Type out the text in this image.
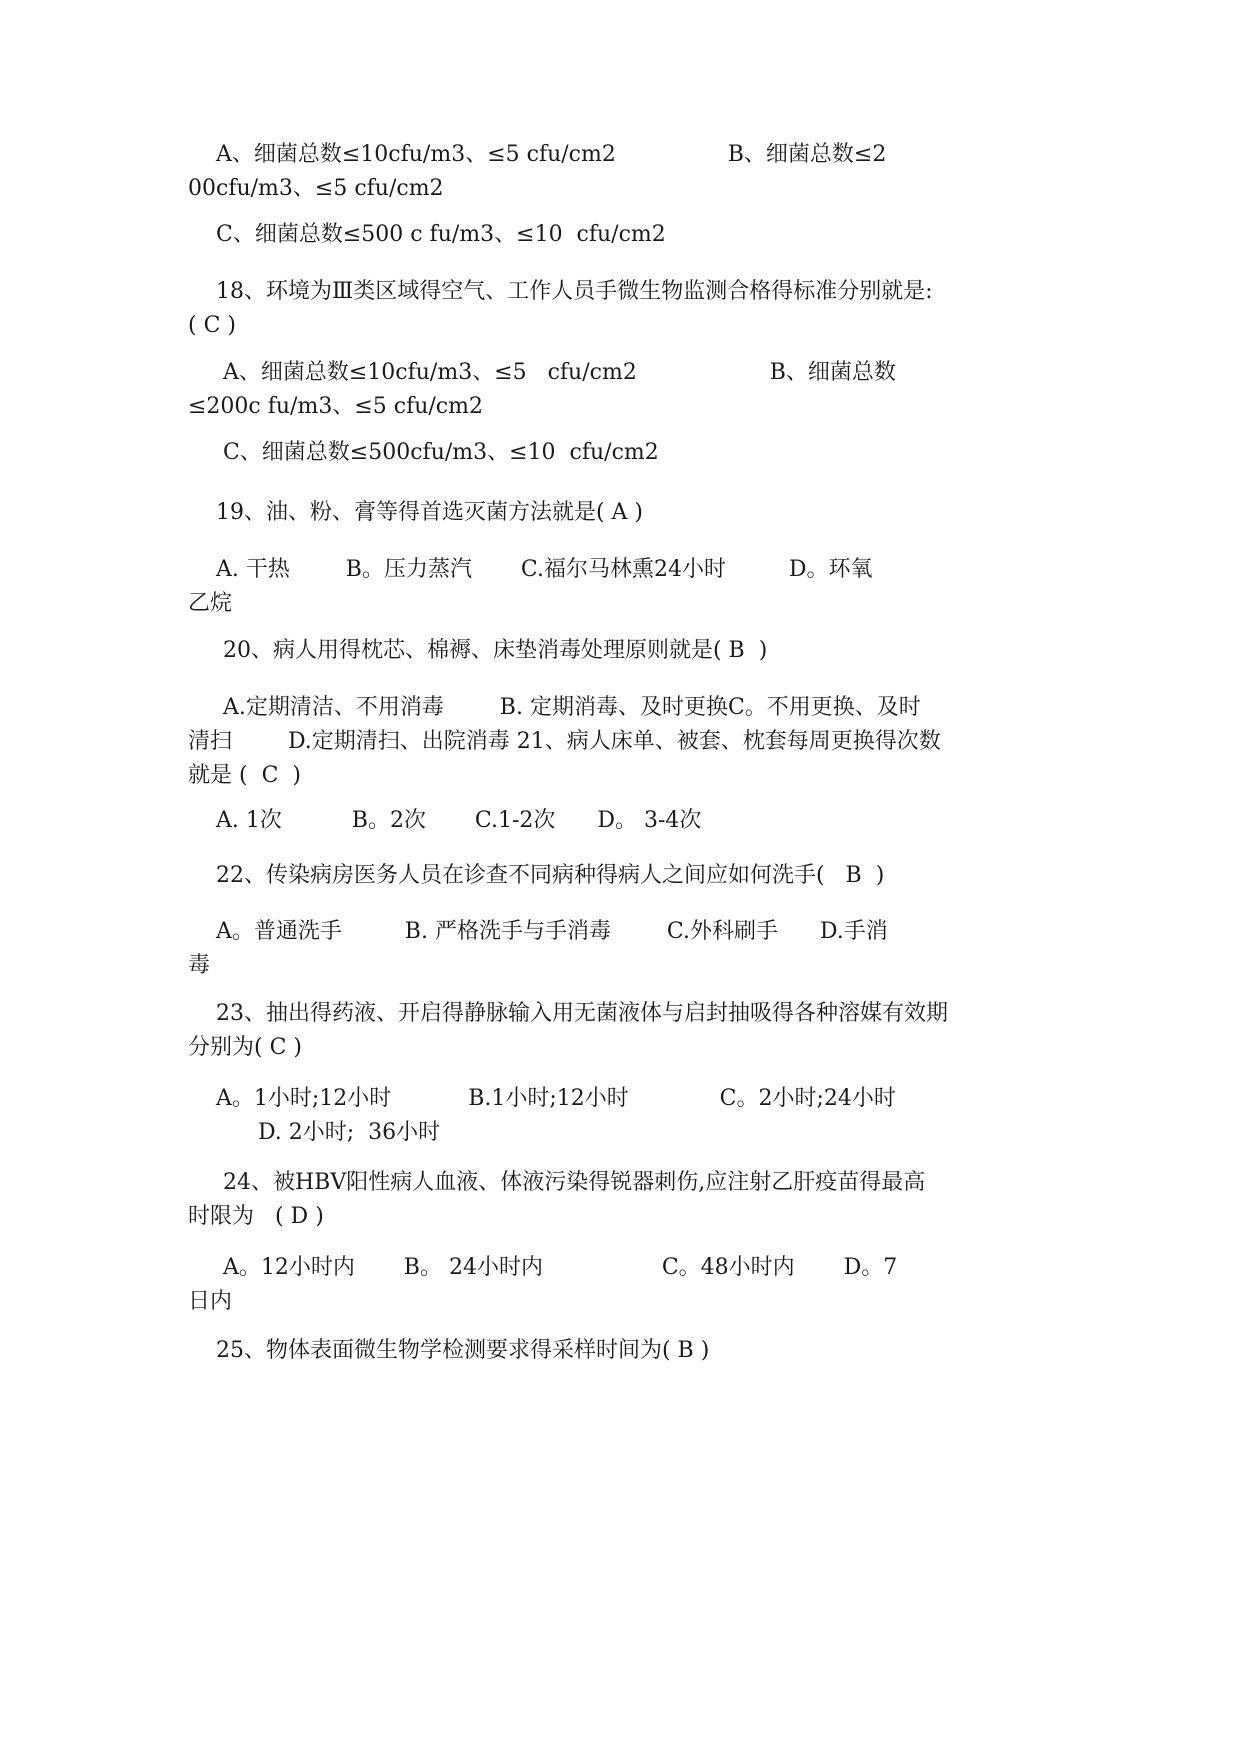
A、细菌总数≤10cfu/m3、≤5 cfu/cm2                B、细菌总数≤2
00cfu/m3、≤5 cfu/cm2

C、细菌总数≤500 c fu/m3、≤10  cfu/cm2

18、环境为Ⅲ类区域得空气、工作人员手微生物监测合格得标准分别就是:
( C )

A、细菌总数≤10cfu/m3、≤5   cfu/cm2                   B、细菌总数
≤200c fu/m3、≤5 cfu/cm2

C、细菌总数≤500cfu/m3、≤10  cfu/cm2

19、油、粉、膏等得首选灭菌方法就是( A )

A. 干热        B。压力蒸汽       C.福尔马林熏24小时         D。环氧
乙烷

20、病人用得枕芯、棉褥、床垫消毒处理原则就是( B  )

A.定期清洁、不用消毒        B. 定期消毒、及时更换C。不用更换、及时
清扫        D.定期清扫、出院消毒 21、病人床单、被套、枕套每周更换得次数
就是 (  C  )

A. 1次          B。2次       C.1-2次      D。 3-4次

22、传染病房医务人员在诊查不同病种得病人之间应如何洗手(   B  )

A。普通洗手         B. 严格洗手与手消毒        C.外科刷手      D.手消
毒

23、抽出得药液、开启得静脉输入用无菌液体与启封抽吸得各种溶媒有效期
分别为( C )

A。1小时;12小时           B.1小时;12小时             C。2小时;24小时
D. 2小时;  36小时

24、被HBV阳性病人血液、体液污染得锐器刺伤,应注射乙肝疫苗得最高
时限为   ( D )

A。12小时内       B。 24小时内                 C。48小时内       D。7
日内

25、物体表面微生物学检测要求得采样时间为( B )
